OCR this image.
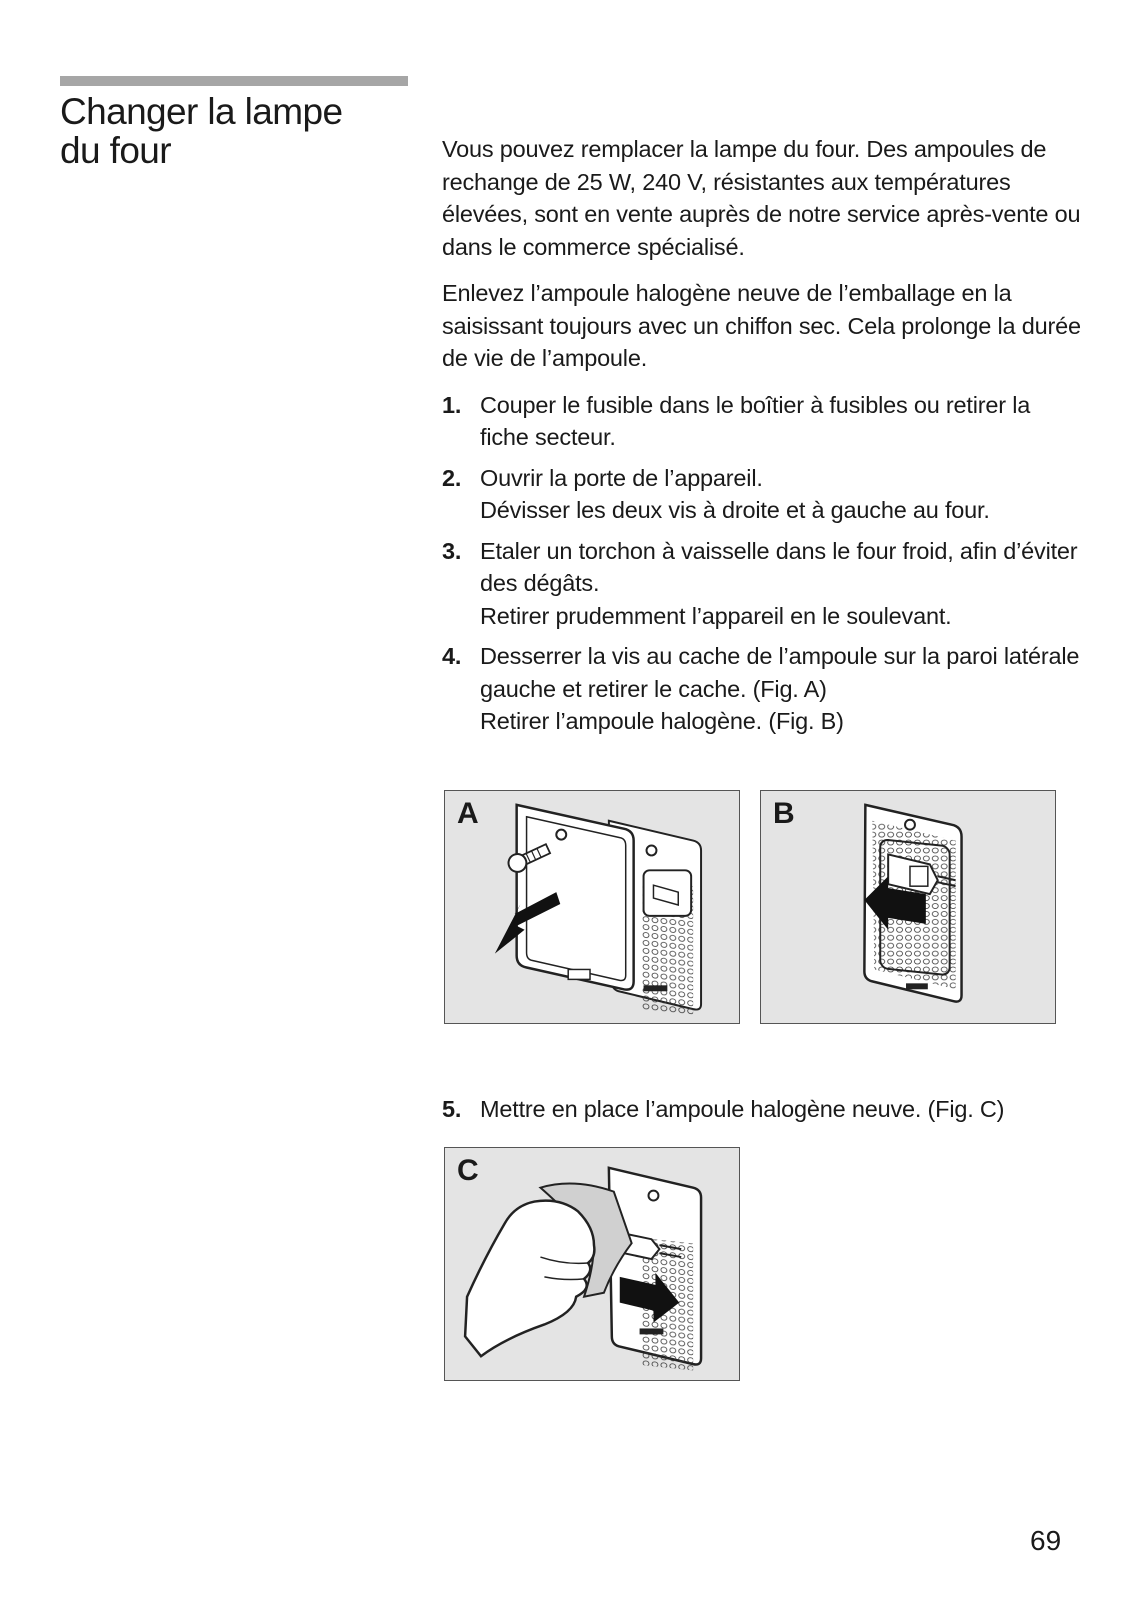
Changer la lampe
du four	Vous pouvez remplacer la lampe du four. Des ampoules de rechange de 25 W, 240 V, résistantes aux températures élevées, sont en vente auprès de notre service après-vente ou dans le commerce spécialisé.

Enlevez l’ampoule halogène neuve de l’emballage en la saisissant toujours avec un chiffon sec. Cela prolonge la durée de vie de l’ampoule.

1. Couper le fusible dans le boîtier à fusibles ou retirer la fiche secteur.
2. Ouvrir la porte de l’appareil.
Dévisser les deux vis à droite et à gauche au four.
3. Etaler un torchon à vaisselle dans le four froid, afin d’éviter des dégâts.
Retirer prudemment l’appareil en le soulevant.
4. Desserrer la vis au cache de l’ampoule sur la paroi latérale gauche et retirer le cache. (Fig. A)
Retirer l’ampoule halogène. (Fig. B)
A	B
5. Mettre en place l’ampoule halogène neuve. (Fig. C)
C
69
